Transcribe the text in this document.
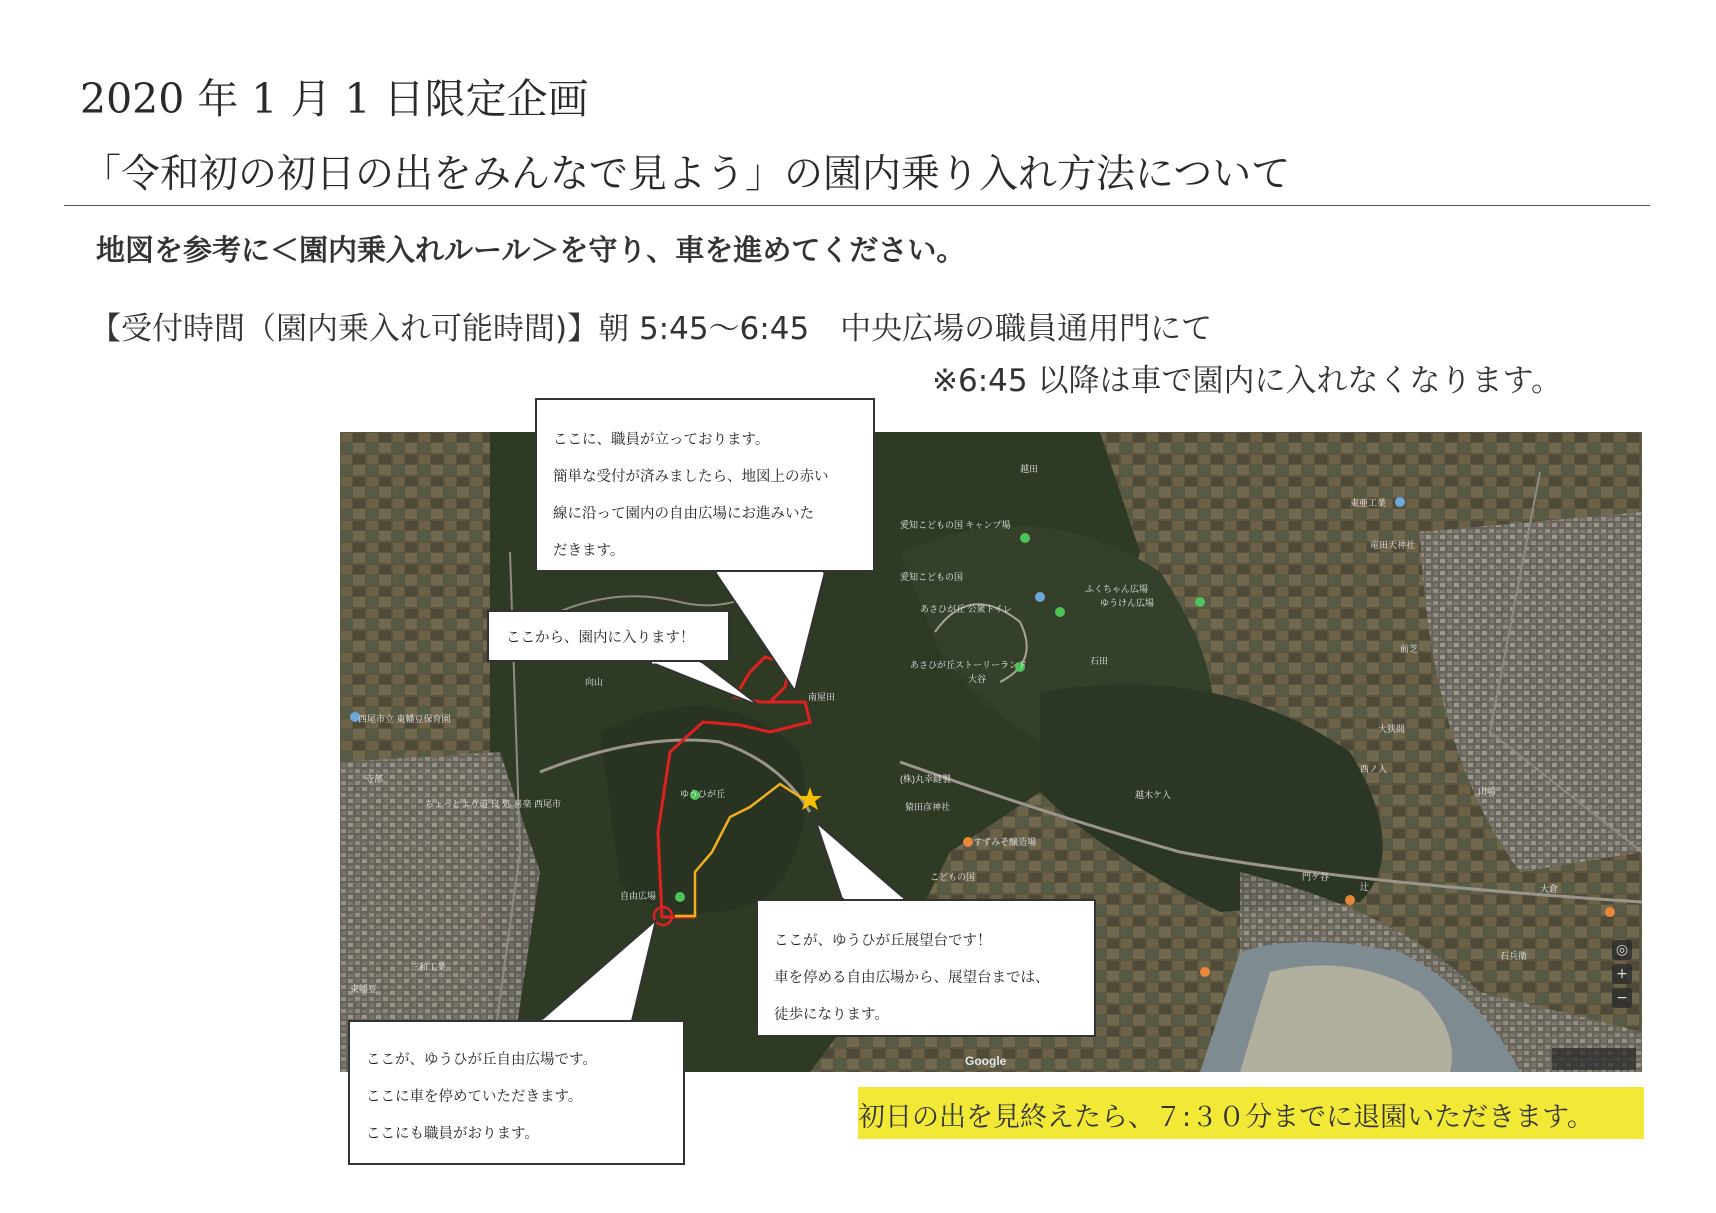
2020 年 1 月 1 日限定企画
「令和初の初日の出をみんなで見よう」の園内乗り入れ方法について
地図を参考に＜園内乗入れルール＞を守り、車を進めてください。
【受付時間（園内乗入れ可能時間)】朝 5:45〜6:45　中央広場の職員通用門にて
※6:45 以降は車で園内に入れなくなります。
愛知こどもの国 キャンプ場
愛知こどもの国
あさひが丘 公衆トイレ
ふくちゃん広場
ゆうけん広場
あさひが丘ストーリーランド
東亜工業
竜田天神社
ゆうひが丘
自由広場
(株)丸幸縫製
猿田彦神社
すずみそ醸造場
こどもの国
西尾市立 東幡豆保育園
ちょっとより道 良 処 喜楽 西尾市
三和工業
東幡豆
大谷
石田
山崎
前芝
向山
南屋田
大倉
寺部
西ノ入
大狭間
越木ケ入
門ケ谷
石兵衛
辻
越田
Google
◎
+
−

ここに、職員が立っております。

簡単な受付が済みましたら、地図上の赤い

線に沿って園内の自由広場にお進みいた

だきます。

ここから、園内に入ります！

ここが、ゆうひが丘展望台です！

車を停める自由広場から、展望台までは、

徒歩になります。

ここが、ゆうひが丘自由広場です。

ここに車を停めていただきます。

ここにも職員がおります。

初日の出を見終えたら、７:３０分までに退園いただきます。
